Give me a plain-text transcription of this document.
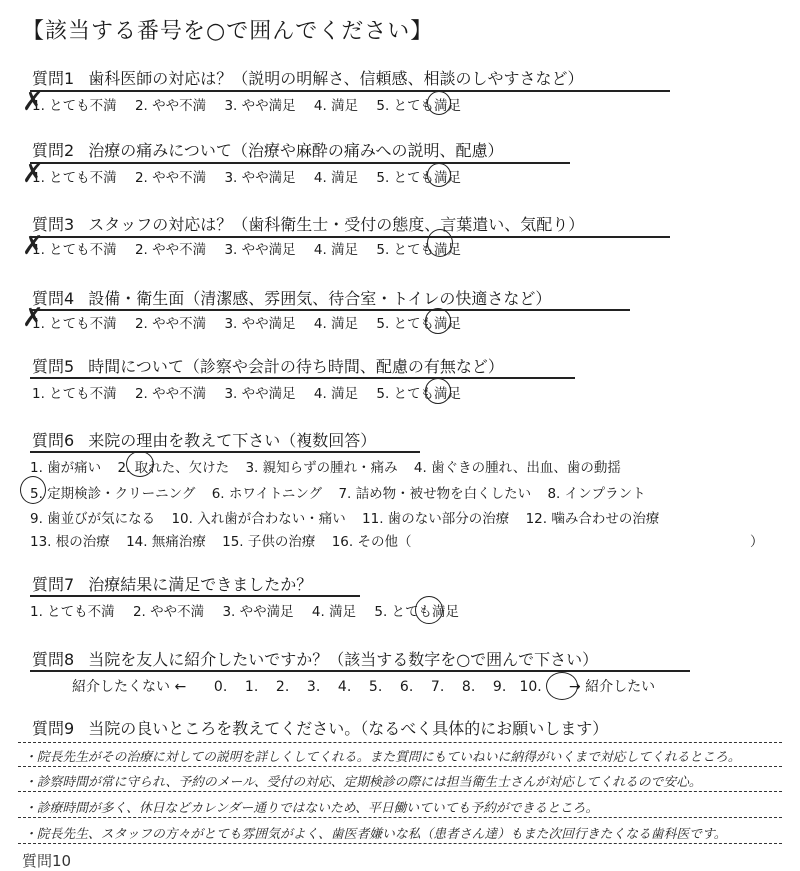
【該当する番号を○で囲んでください】
質問1 歯科医師の対応は？（説明の明解さ、信頼感、相談のしやすさなど）
1. とても不満 2. やや不満 3. やや満足 4. 満足 5. とても満足
✗
質問2 治療の痛みについて（治療や麻酔の痛みへの説明、配慮）
1. とても不満 2. やや不満 3. やや満足 4. 満足 5. とても満足
✗
質問3 スタッフの対応は？（歯科衛生士・受付の態度、言葉遣い、気配り）
1. とても不満 2. やや不満 3. やや満足 4. 満足 5. とても満足
✗
質問4 設備・衛生面（清潔感、雰囲気、待合室・トイレの快適さなど）
1. とても不満 2. やや不満 3. やや満足 4. 満足 5. とても満足
✗
質問5 時間について（診察や会計の待ち時間、配慮の有無など）
1. とても不満 2. やや不満 3. やや満足 4. 満足 5. とても満足
質問6 来院の理由を教えて下さい（複数回答）
1. 歯が痛い 2. 取れた、欠けた 3. 親知らずの腫れ・痛み 4. 歯ぐきの腫れ、出血、歯の動揺
5. 定期検診・クリーニング 6. ホワイトニング 7. 詰め物・被せ物を白くしたい 8. インプラント
9. 歯並びが気になる 10. 入れ歯が合わない・痛い 11. 歯のない部分の治療 12. 噛み合わせの治療
13. 根の治療 14. 無痛治療 15. 子供の治療 16. その他（	）
質問7 治療結果に満足できましたか？
1. とても不満 2. やや不満 3. やや満足 4. 満足 5. とても満足
質問8 当院を友人に紹介したいですか？（該当する数字を○で囲んで下さい）
紹介したくない ← 0. 1. 2. 3. 4. 5. 6. 7. 8. 9. 10. → 紹介したい
質問9 当院の良いところを教えてください。（なるべく具体的にお願いします）
・院長先生がその治療に対しての説明を詳しくしてくれる。また質問にもていねいに納得がいくまで対応してくれるところ。
・診察時間が常に守られ、予約のメール、受付の対応、定期検診の際には担当衛生士さんが対応してくれるので安心。
・診療時間が多く、休日などカレンダー通りではないため、平日働いていても予約ができるところ。
・院長先生、スタッフの方々がとても雰囲気がよく、歯医者嫌いな私（患者さん達）もまた次回行きたくなる歯科医です。
質問10
